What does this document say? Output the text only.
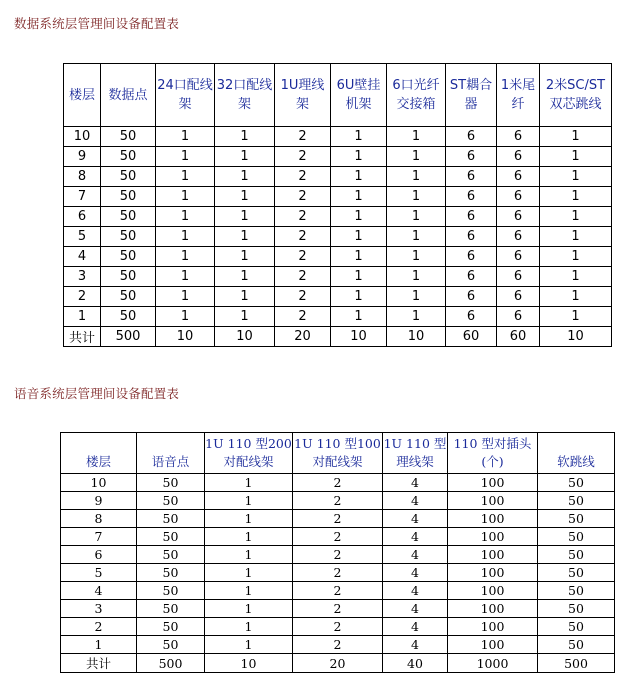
数据系统层管理间设备配置表
楼层	数据点	24口配线架	32口配线架	1U理线架	6U壁挂机架	6口光纤交接箱	ST耦合器	1米尾纤	2米SC/ST双芯跳线
10	50	1	1	2	1	1	6	6	1
9	50	1	1	2	1	1	6	6	1
8	50	1	1	2	1	1	6	6	1
7	50	1	1	2	1	1	6	6	1
6	50	1	1	2	1	1	6	6	1
5	50	1	1	2	1	1	6	6	1
4	50	1	1	2	1	1	6	6	1
3	50	1	1	2	1	1	6	6	1
2	50	1	1	2	1	1	6	6	1
1	50	1	1	2	1	1	6	6	1
共计	500	10	10	20	10	10	60	60	10
语音系统层管理间设备配置表
楼层	语音点	1U 110 型200对配线架	1U 110 型100对配线架	1U 110 型理线架	110 型对插头(个)	软跳线
10	50	1	2	4	100	50
9	50	1	2	4	100	50
8	50	1	2	4	100	50
7	50	1	2	4	100	50
6	50	1	2	4	100	50
5	50	1	2	4	100	50
4	50	1	2	4	100	50
3	50	1	2	4	100	50
2	50	1	2	4	100	50
1	50	1	2	4	100	50
共计	500	10	20	40	1000	500
